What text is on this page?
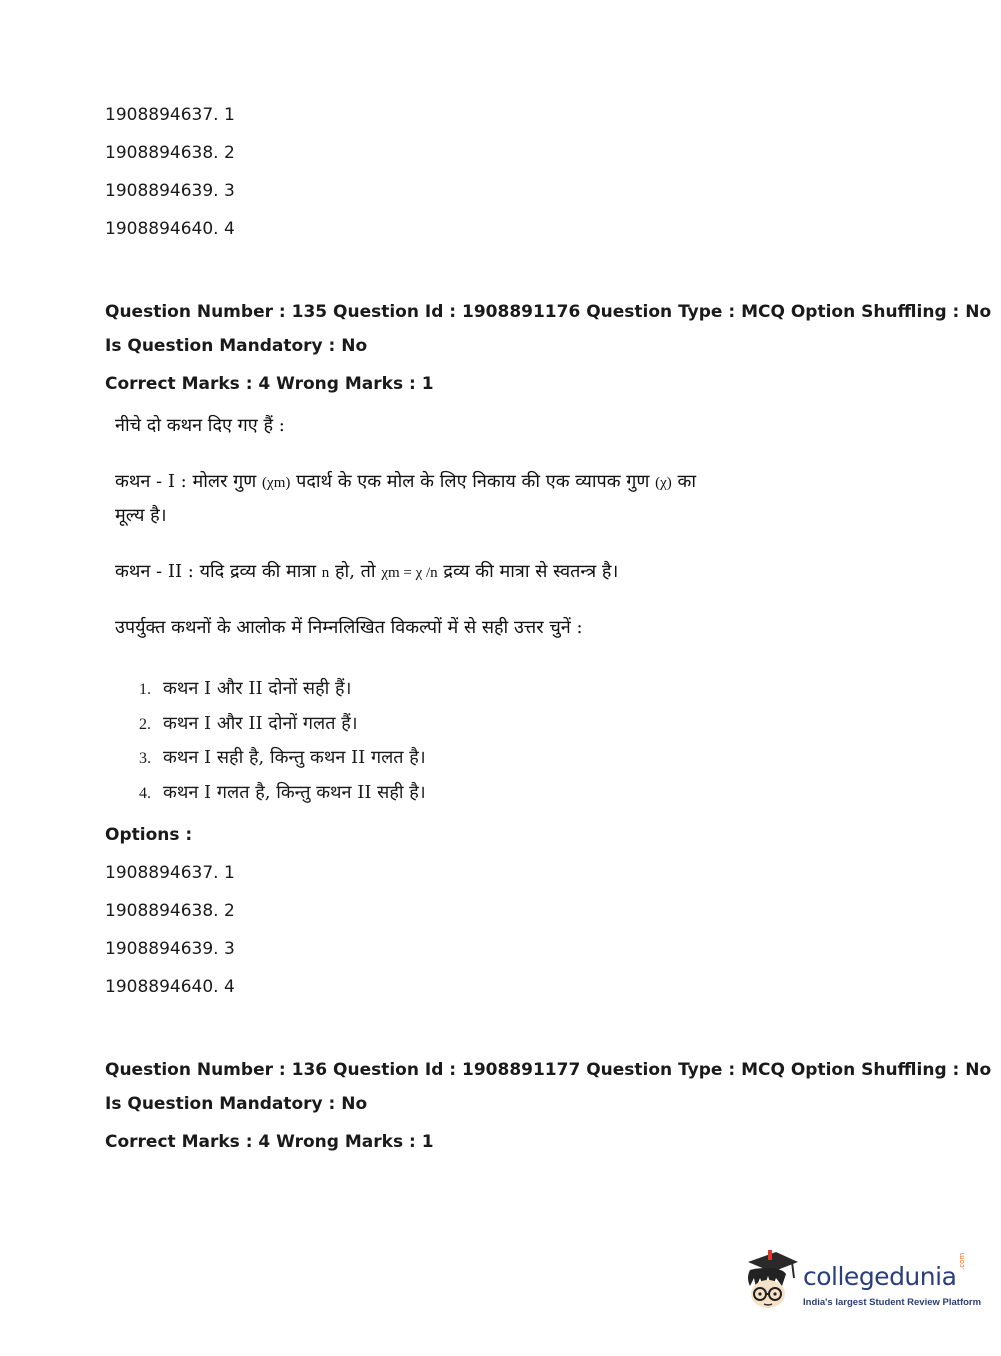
1908894637. 1
1908894638. 2
1908894639. 3
1908894640. 4
Question Number : 135 Question Id : 1908891176 Question Type : MCQ Option Shuffling : No
Is Question Mandatory : No
Correct Marks : 4 Wrong Marks : 1
नीचे दो कथन दिए गए हैं :
कथन - I : मोलर गुण (χm) पदार्थ के एक मोल के लिए निकाय की एक व्यापक गुण (χ) का
मूल्य है।
कथन - II : यदि द्रव्य की मात्रा n हो, तो χm = χ /n द्रव्य की मात्रा से स्वतन्त्र है।
उपर्युक्त कथनों के आलोक में निम्नलिखित विकल्पों में से सही उत्तर चुनें :
1. कथन I और II दोनों सही हैं।
2. कथन I और II दोनों गलत हैं।
3. कथन I सही है, किन्तु कथन II गलत है।
4. कथन I गलत है, किन्तु कथन II सही है।
Options :
1908894637. 1
1908894638. 2
1908894639. 3
1908894640. 4
Question Number : 136 Question Id : 1908891177 Question Type : MCQ Option Shuffling : No
Is Question Mandatory : No
Correct Marks : 4 Wrong Marks : 1
collegedunia
.com
India's largest Student Review Platform
